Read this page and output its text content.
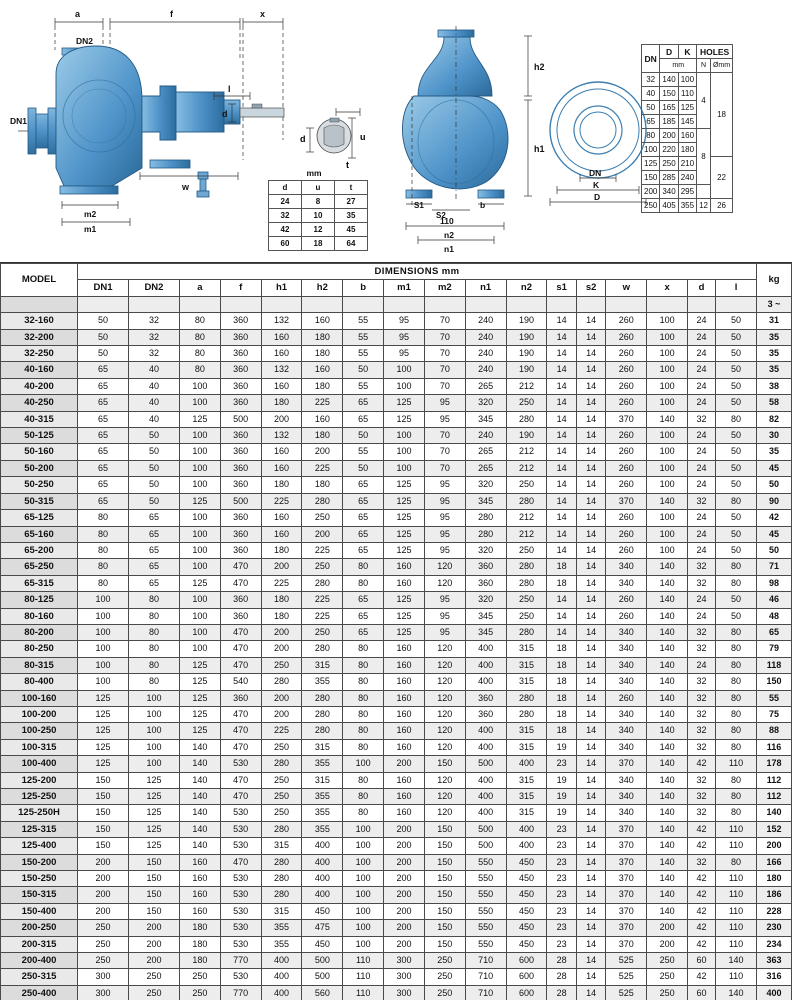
a	f	x
DN2
DN1
l
d
m2
m1
w
d	u
t
h2
h1
S1
S2
b
110
n2
n1
DN
K
D
mm
d	u	t
24	8	27
32	10	35
42	12	45
60	18	64
DN	D	K	HOLES	
	mm		N	Ømm
32	140	100	4	18
40	150	110		
50	165	125		
65	185	145		
80	200	160	8	
100	220	180		
125	250	210		22
150	285	240		
200	340	295		
250	405	355	12	26
MODEL	DIMENSIONS mm																	kg
	DN1	DN2	a	f	h1	h2	b	m1	m2	n1	n2	s1	s2	w	x	d	l	
																		3 ~
32-160	50	32	80	360	132	160	55	95	70	240	190	14	14	260	100	24	50	31
32-200	50	32	80	360	160	180	55	95	70	240	190	14	14	260	100	24	50	35
32-250	50	32	80	360	160	180	55	95	70	240	190	14	14	260	100	24	50	35
40-160	65	40	80	360	132	160	50	100	70	240	190	14	14	260	100	24	50	35
40-200	65	40	100	360	160	180	55	100	70	265	212	14	14	260	100	24	50	38
40-250	65	40	100	360	180	225	65	125	95	320	250	14	14	260	100	24	50	58
40-315	65	40	125	500	200	160	65	125	95	345	280	14	14	370	140	32	80	82
50-125	65	50	100	360	132	180	50	100	70	240	190	14	14	260	100	24	50	30
50-160	65	50	100	360	160	200	55	100	70	265	212	14	14	260	100	24	50	35
50-200	65	50	100	360	160	225	50	100	70	265	212	14	14	260	100	24	50	45
50-250	65	50	100	360	180	180	65	125	95	320	250	14	14	260	100	24	50	50
50-315	65	50	125	500	225	280	65	125	95	345	280	14	14	370	140	32	80	90
65-125	80	65	100	360	160	250	65	125	95	280	212	14	14	260	100	24	50	42
65-160	80	65	100	360	160	200	65	125	95	280	212	14	14	260	100	24	50	45
65-200	80	65	100	360	180	225	65	125	95	320	250	14	14	260	100	24	50	50
65-250	80	65	100	470	200	250	80	160	120	360	280	18	14	340	140	32	80	71
65-315	80	65	125	470	225	280	80	160	120	360	280	18	14	340	140	32	80	98
80-125	100	80	100	360	180	225	65	125	95	320	250	14	14	260	140	24	50	46
80-160	100	80	100	360	180	225	65	125	95	345	250	14	14	260	140	24	50	48
80-200	100	80	100	470	200	250	65	125	95	345	280	14	14	340	140	32	80	65
80-250	100	80	100	470	200	280	80	160	120	400	315	18	14	340	140	32	80	79
80-315	100	80	125	470	250	315	80	160	120	400	315	18	14	340	140	24	80	118
80-400	100	80	125	540	280	355	80	160	120	400	315	18	14	340	140	32	80	150
100-160	125	100	125	360	200	280	80	160	120	360	280	18	14	260	140	32	80	55
100-200	125	100	125	470	200	280	80	160	120	360	280	18	14	340	140	32	80	75
100-250	125	100	125	470	225	280	80	160	120	400	315	18	14	340	140	32	80	88
100-315	125	100	140	470	250	315	80	160	120	400	315	19	14	340	140	32	80	116
100-400	125	100	140	530	280	355	100	200	150	500	400	23	14	370	140	42	110	178
125-200	150	125	140	470	250	315	80	160	120	400	315	19	14	340	140	32	80	112
125-250	150	125	140	470	250	355	80	160	120	400	315	19	14	340	140	32	80	112
125-250H	150	125	140	530	250	355	80	160	120	400	315	19	14	340	140	32	80	140
125-315	150	125	140	530	280	355	100	200	150	500	400	23	14	370	140	42	110	152
125-400	150	125	140	530	315	400	100	200	150	500	400	23	14	370	140	42	110	200
150-200	200	150	160	470	280	400	100	200	150	550	450	23	14	370	140	32	80	166
150-250	200	150	160	530	280	400	100	200	150	550	450	23	14	370	140	42	110	180
150-315	200	150	160	530	280	400	100	200	150	550	450	23	14	370	140	42	110	186
150-400	200	150	160	530	315	450	100	200	150	550	450	23	14	370	140	42	110	228
200-250	250	200	180	530	355	475	100	200	150	550	450	23	14	370	200	42	110	230
200-315	250	200	180	530	355	450	100	200	150	550	450	23	14	370	200	42	110	234
200-400	250	200	180	770	400	500	110	300	250	710	600	28	14	525	250	60	140	363
250-315	300	250	250	530	400	500	110	300	250	710	600	28	14	525	250	42	110	316
250-400	300	250	250	770	400	560	110	300	250	710	600	28	14	525	250	60	140	400
